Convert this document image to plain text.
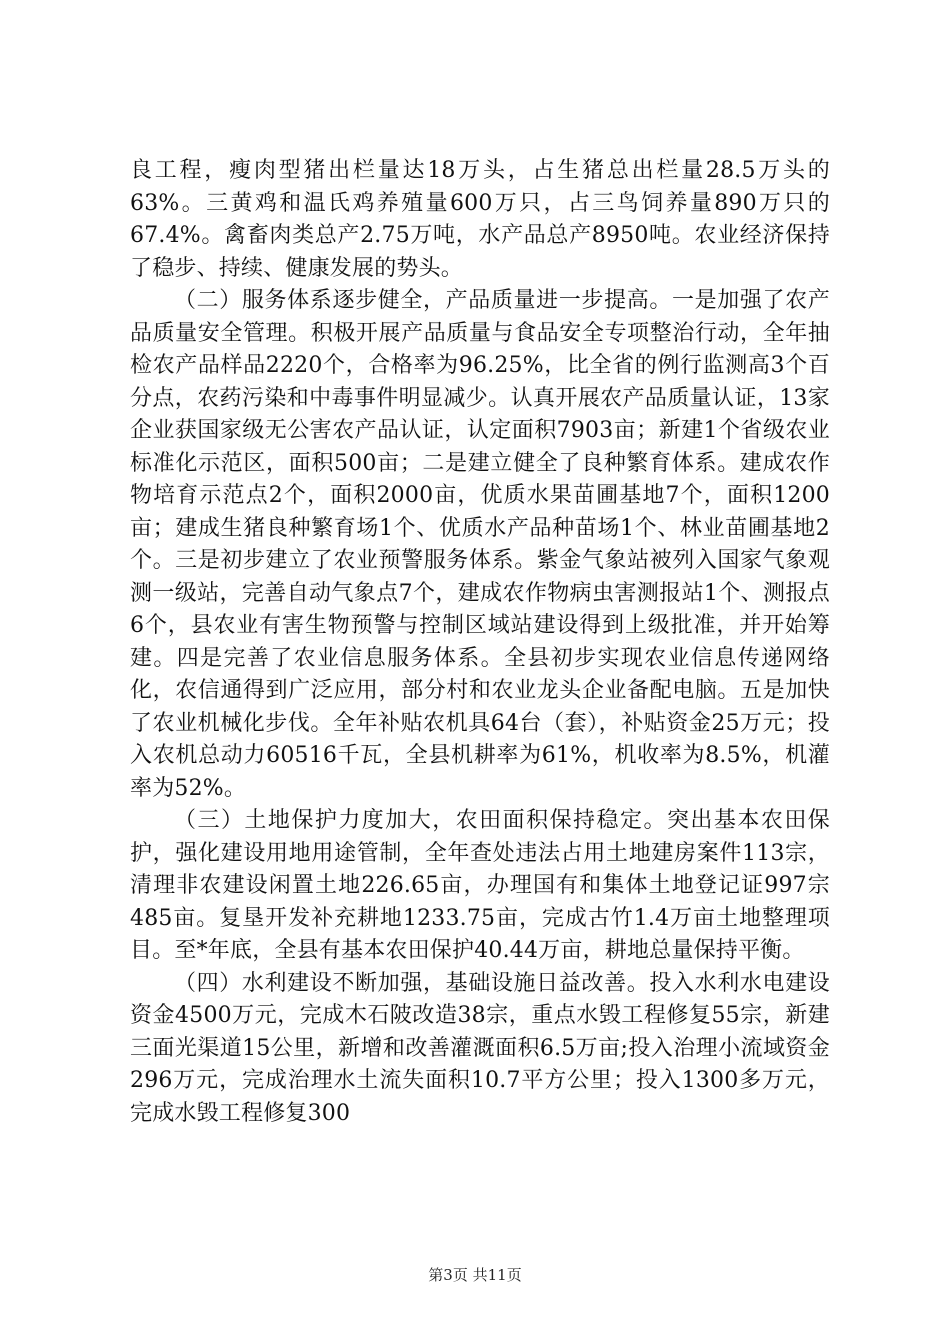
良工程，瘦肉型猪出栏量达18万头，占生猪总出栏量28.5万头的63%。三黄鸡和温氏鸡养殖量600万只，占三鸟饲养量890万只的67.4%。禽畜肉类总产2.75万吨，水产品总产8950吨。农业经济保持了稳步、持续、健康发展的势头。

（二）服务体系逐步健全，产品质量进一步提高。一是加强了农产品质量安全管理。积极开展产品质量与食品安全专项整治行动，全年抽检农产品样品2220个，合格率为96.25%，比全省的例行监测高3个百分点，农药污染和中毒事件明显减少。认真开展农产品质量认证，13家企业获国家级无公害农产品认证，认定面积7903亩；新建1个省级农业标准化示范区，面积500亩；二是建立健全了良种繁育体系。建成农作物培育示范点2个，面积2000亩，优质水果苗圃基地7个，面积1200亩；建成生猪良种繁育场1个、优质水产品种苗场1个、林业苗圃基地2个。三是初步建立了农业预警服务体系。紫金气象站被列入国家气象观测一级站，完善自动气象点7个，建成农作物病虫害测报站1个、测报点6个，县农业有害生物预警与控制区域站建设得到上级批准，并开始筹建。四是完善了农业信息服务体系。全县初步实现农业信息传递网络化，农信通得到广泛应用，部分村和农业龙头企业备配电脑。五是加快了农业机械化步伐。全年补贴农机具64台（套），补贴资金25万元；投入农机总动力60516千瓦，全县机耕率为61%，机收率为8.5%，机灌率为52%。

（三）土地保护力度加大，农田面积保持稳定。突出基本农田保护，强化建设用地用途管制，全年查处违法占用土地建房案件113宗，清理非农建设闲置土地226.65亩，办理国有和集体土地登记证997宗485亩。复垦开发补充耕地1233.75亩，完成古竹1.4万亩土地整理项目。至*年底，全县有基本农田保护40.44万亩，耕地总量保持平衡。

（四）水利建设不断加强，基础设施日益改善。投入水利水电建设资金4500万元，完成木石陂改造38宗，重点水毁工程修复55宗，新建三面光渠道15公里，新增和改善灌溉面积6.5万亩;投入治理小流域资金296万元，完成治理水土流失面积10.7平方公里；投入1300多万元，完成水毁工程修复300

第3页 共11页
